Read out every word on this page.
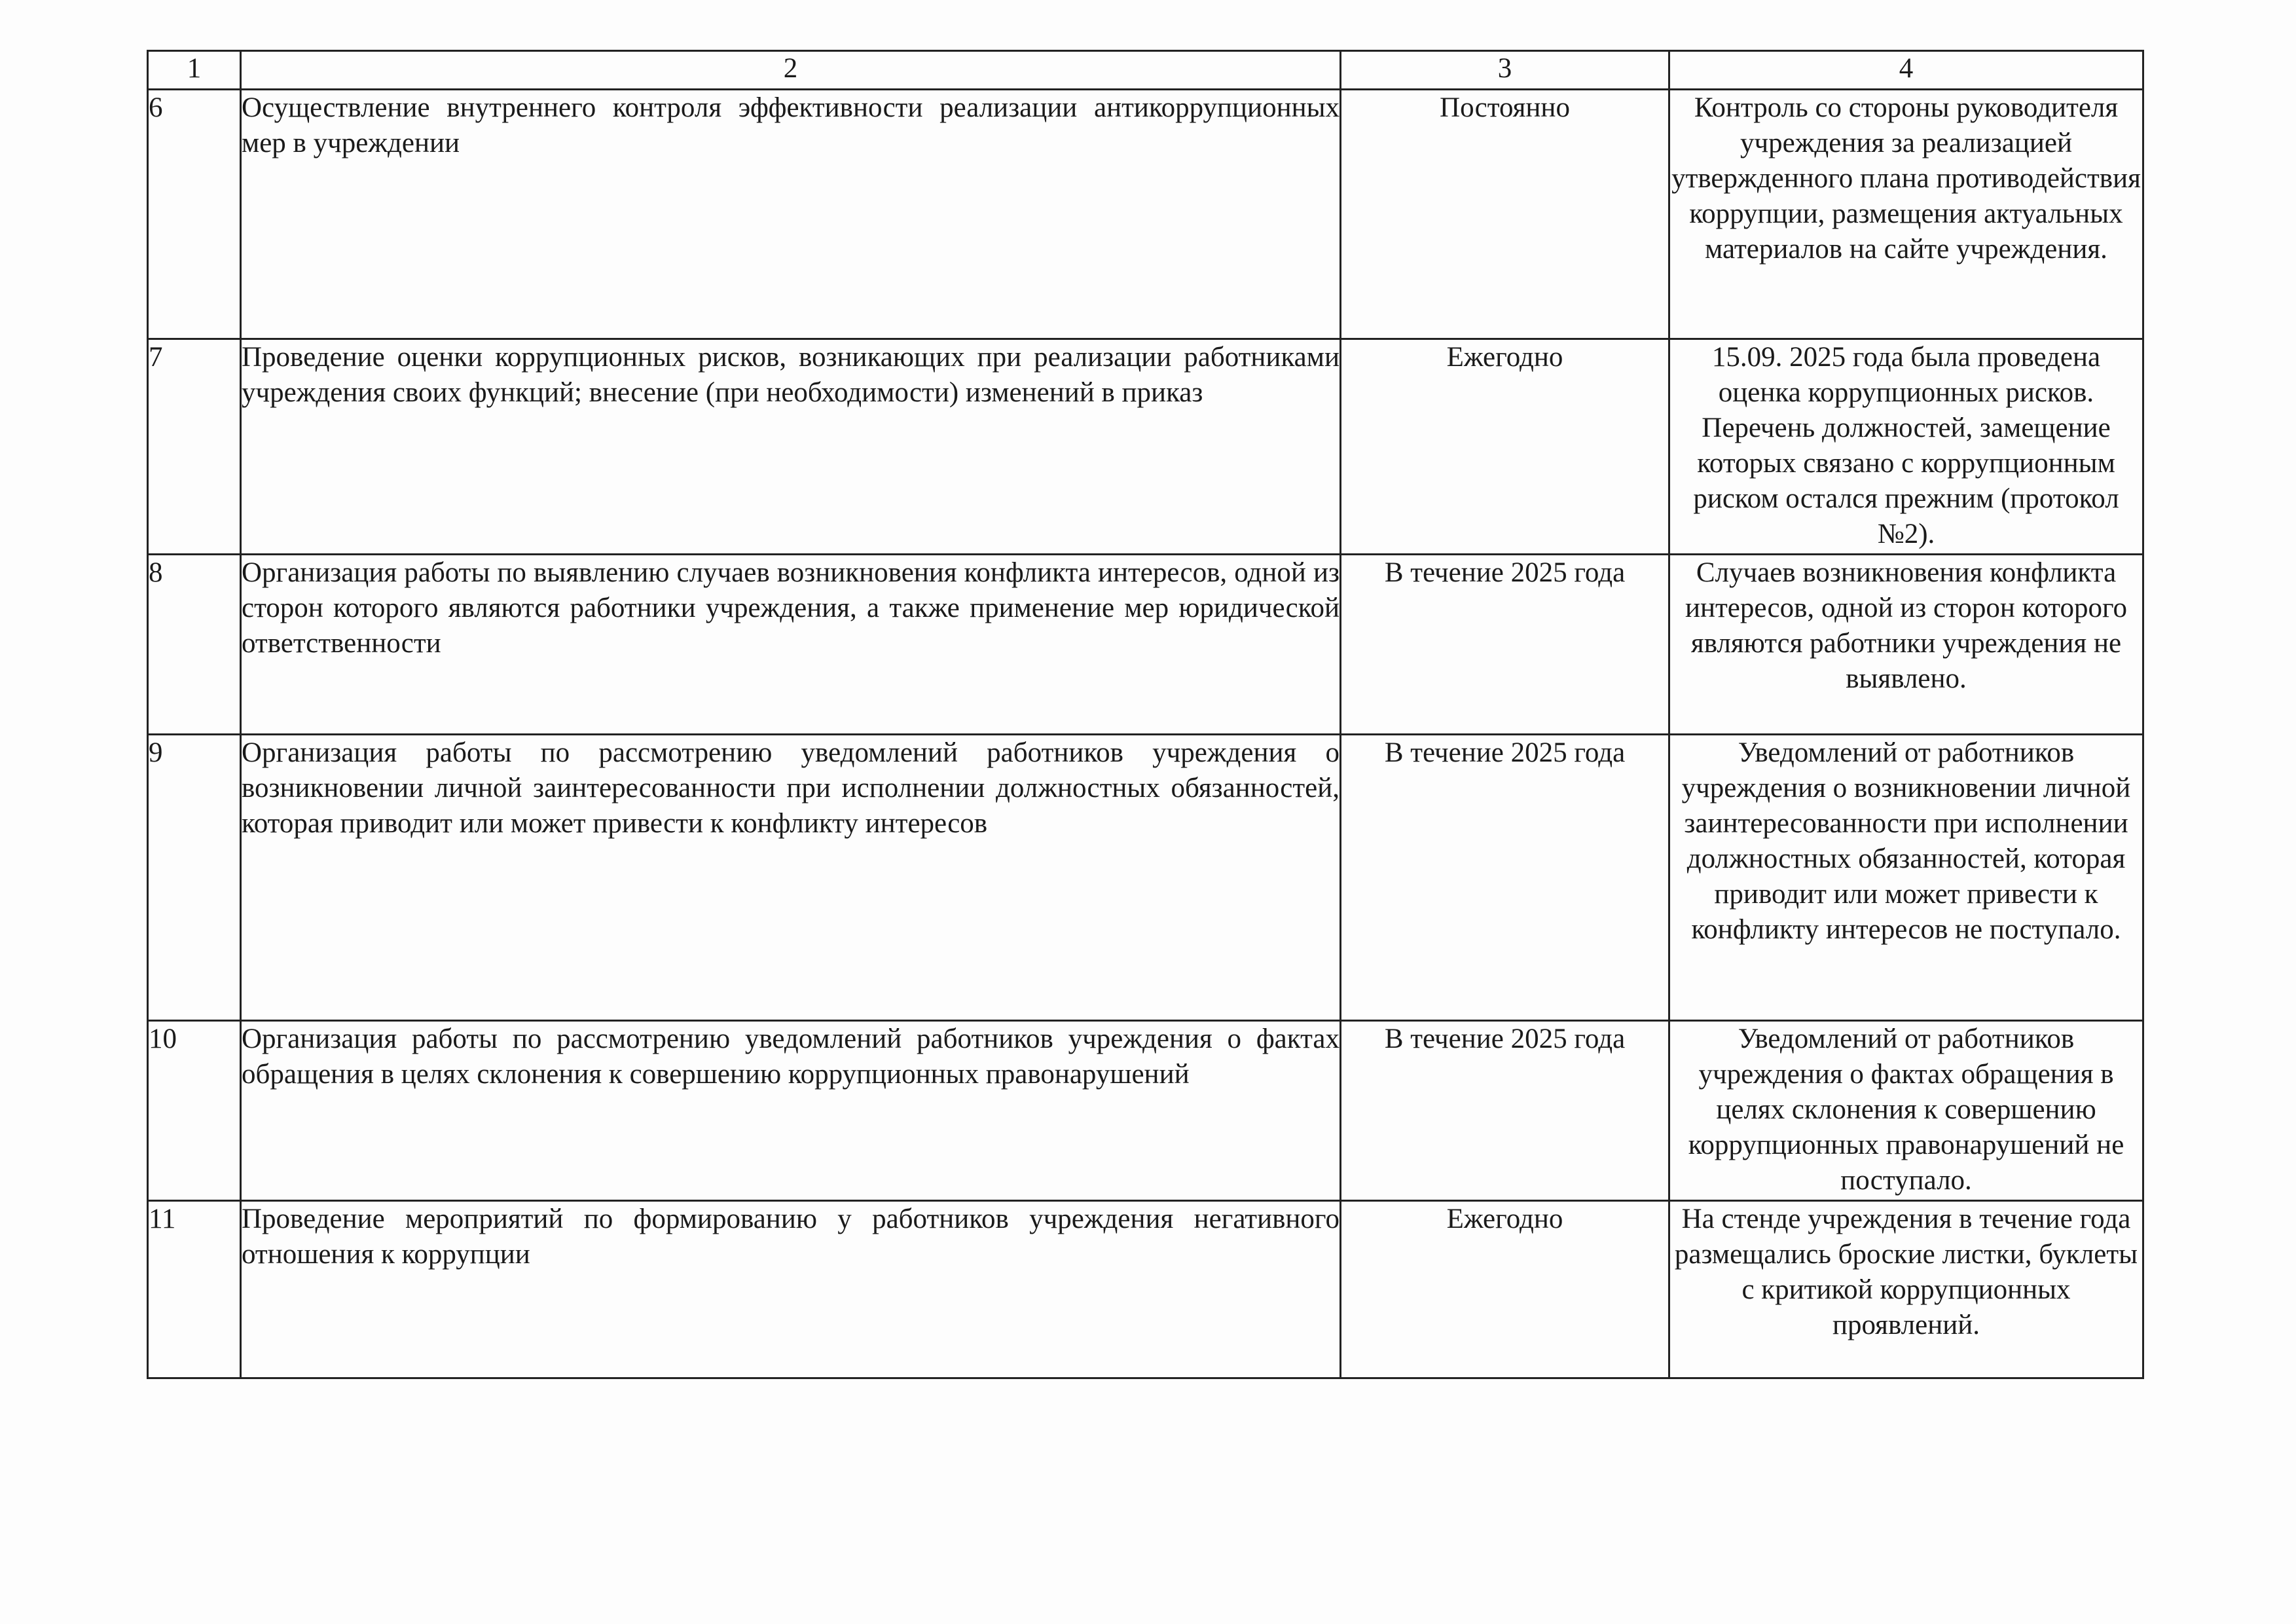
1	2	3	4
6	Осуществление внутреннего контроля эффективности реализации антикоррупционных мер в учреждении	Постоянно	Контроль со стороны руководителя учреждения за реализацией утвержденного плана противодействия коррупции, размещения актуальных материалов на сайте учреждения.
7	Проведение оценки коррупционных рисков, возникающих при реализации работниками учреждения своих функций; внесение (при необходимости) изменений в приказ	Ежегодно	15.09. 2025 года была проведена оценка коррупционных рисков. Перечень должностей, замещение которых связано с коррупционным риском остался прежним (протокол №2).
8	Организация работы по выявлению случаев возникновения конфликта интересов, одной из сторон которого являются работники учреждения, а также применение мер юридической ответственности	В течение 2025 года	Случаев возникновения конфликта интересов, одной из сторон которого являются работники учреждения не выявлено.
9	Организация работы по рассмотрению уведомлений работников учреждения о возникновении личной заинтересованности при исполнении должностных обязанностей, которая приводит или может привести к конфликту интересов	В течение 2025 года	Уведомлений от работников учреждения о возникновении личной заинтересованности при исполнении должностных обязанностей, которая приводит или может привести к конфликту интересов не поступало.
10	Организация работы по рассмотрению уведомлений работников учреждения о фактах обращения в целях склонения к совершению коррупционных правонарушений	В течение 2025 года	Уведомлений от работников учреждения о фактах обращения в целях склонения к совершению коррупционных правонарушений не поступало.
11	Проведение мероприятий по формированию у работников учреждения негативного отношения к коррупции	Ежегодно	На стенде учреждения в течение года размещались броские листки, буклеты с критикой коррупционных проявлений.
